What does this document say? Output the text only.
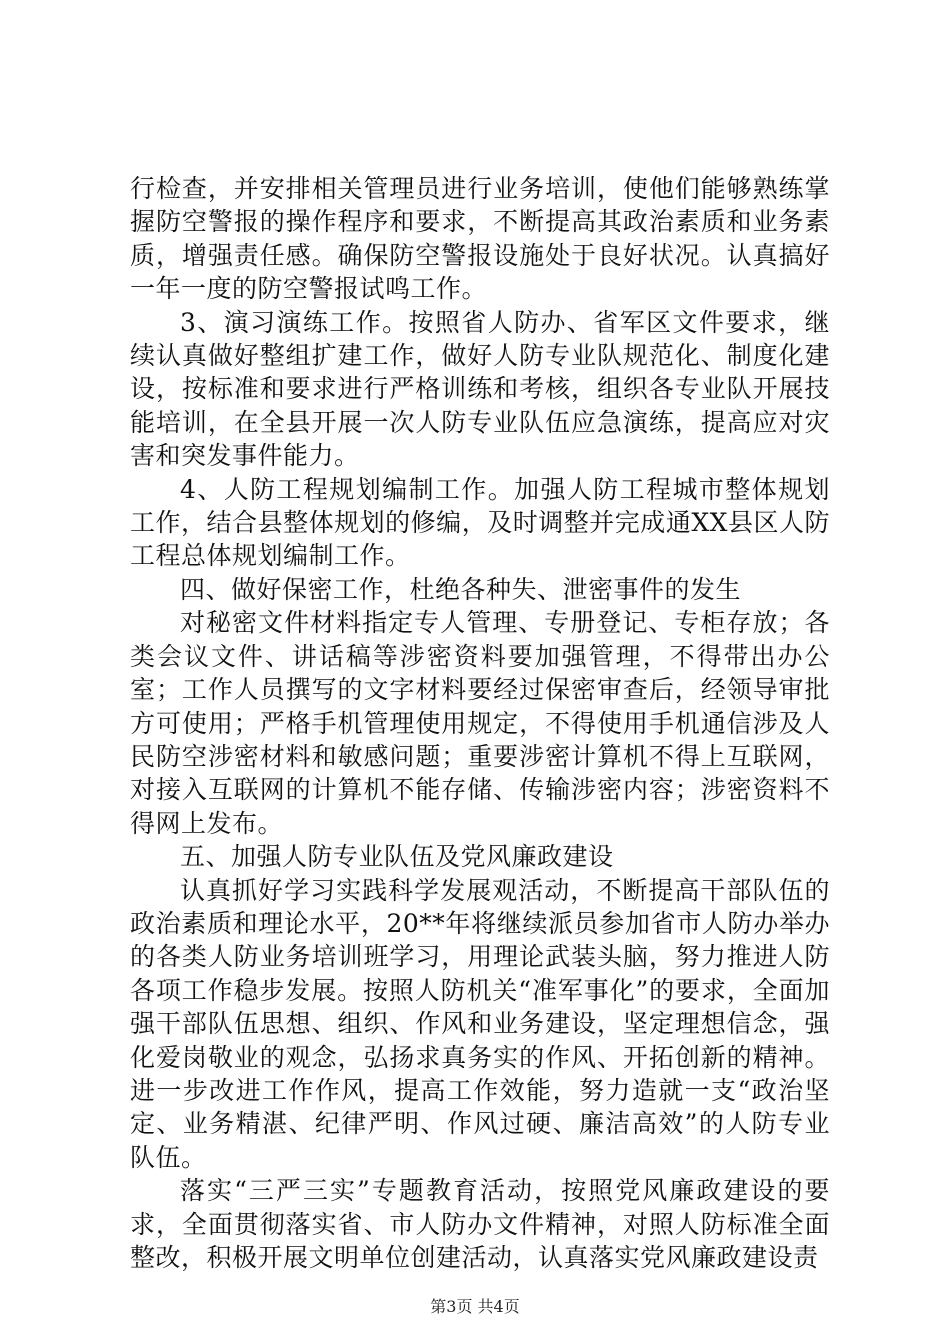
行检查，并安排相关管理员进行业务培训，使他们能够熟练掌握防空警报的操作程序和要求，不断提高其政治素质和业务素质，增强责任感。确保防空警报设施处于良好状况。认真搞好一年一度的防空警报试鸣工作。

3、演习演练工作。按照省人防办、省军区文件要求，继续认真做好整组扩建工作，做好人防专业队规范化、制度化建设，按标准和要求进行严格训练和考核，组织各专业队开展技能培训，在全县开展一次人防专业队伍应急演练，提高应对灾害和突发事件能力。

4、人防工程规划编制工作。加强人防工程城市整体规划工作，结合县整体规划的修编，及时调整并完成通XX县区人防工程总体规划编制工作。

四、做好保密工作，杜绝各种失、泄密事件的发生

对秘密文件材料指定专人管理、专册登记、专柜存放；各类会议文件、讲话稿等涉密资料要加强管理，不得带出办公室；工作人员撰写的文字材料要经过保密审查后，经领导审批方可使用；严格手机管理使用规定，不得使用手机通信涉及人民防空涉密材料和敏感问题；重要涉密计算机不得上互联网，对接入互联网的计算机不能存储、传输涉密内容；涉密资料不得网上发布。

五、加强人防专业队伍及党风廉政建设

认真抓好学习实践科学发展观活动，不断提高干部队伍的政治素质和理论水平，20**年将继续派员参加省市人防办举办的各类人防业务培训班学习，用理论武装头脑，努力推进人防各项工作稳步发展。按照人防机关“准军事化”的要求，全面加强干部队伍思想、组织、作风和业务建设，坚定理想信念，强化爱岗敬业的观念，弘扬求真务实的作风、开拓创新的精神。进一步改进工作作风，提高工作效能，努力造就一支“政治坚定、业务精湛、纪律严明、作风过硬、廉洁高效”的人防专业队伍。

落实“三严三实”专题教育活动，按照党风廉政建设的要求，全面贯彻落实省、市人防办文件精神，对照人防标准全面整改，积极开展文明单位创建活动，认真落实党风廉政建设责

第3页 共4页
